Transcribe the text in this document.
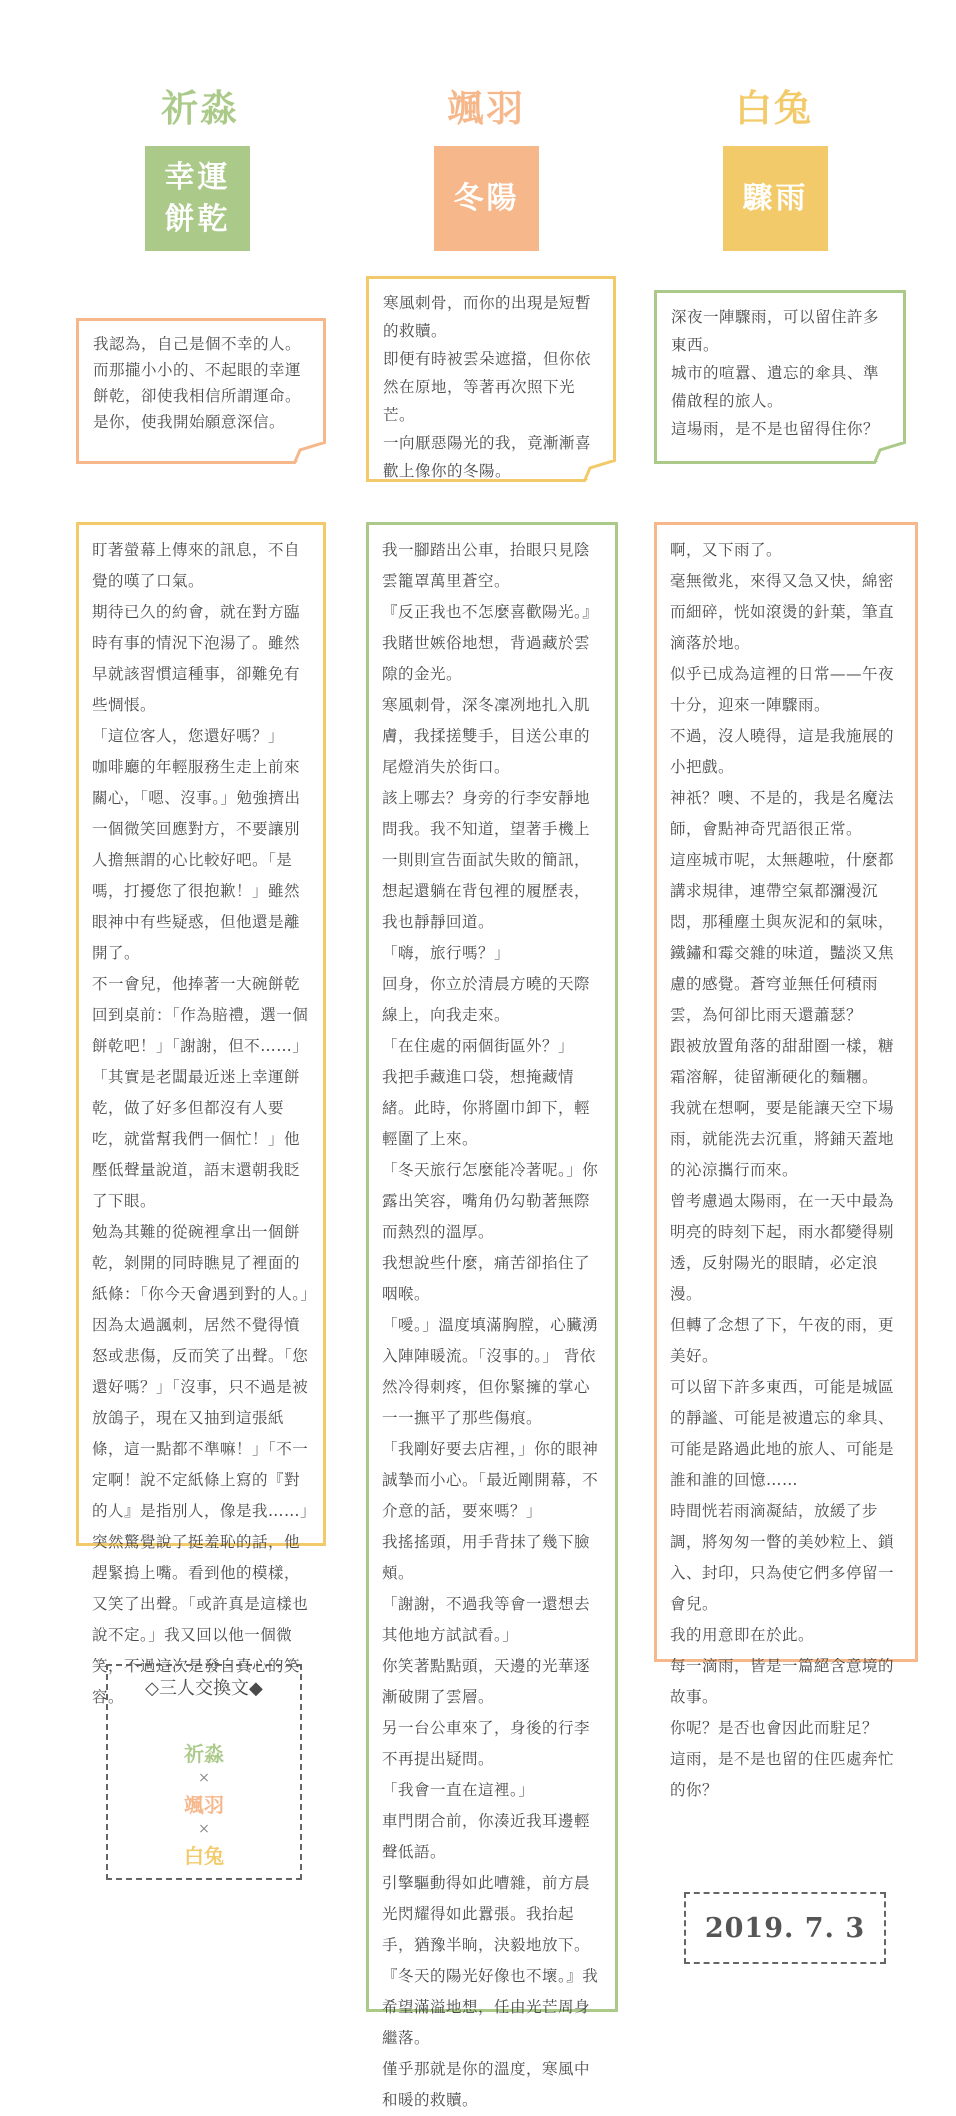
祈淼
幸運餅乾

我認為，自己是個不幸的人。

而那攏小小的、不起眼的幸運餅乾，卻使我相信所謂運命。

是你，使我開始願意深信。

盯著螢幕上傳來的訊息，不自覺的嘆了口氣。

期待已久的約會，就在對方臨時有事的情況下泡湯了。雖然早就該習慣這種事，卻難免有些惆悵。

「這位客人，您還好嗎？」

咖啡廳的年輕服務生走上前來關心，「嗯、沒事。」勉強擠出一個微笑回應對方，不要讓別人擔無謂的心比較好吧。「是嗎，打擾您了很抱歉！」雖然眼神中有些疑惑，但他還是離開了。

不一會兒，他捧著一大碗餅乾回到桌前：「作為賠禮，選一個餅乾吧！」「謝謝，但不……」「其實是老闆最近迷上幸運餅乾，做了好多但都沒有人要吃，就當幫我們一個忙！」他壓低聲量說道，語末還朝我眨了下眼。

勉為其難的從碗裡拿出一個餅乾，剝開的同時瞧見了裡面的紙條：「你今天會遇到對的人。」因為太過諷刺，居然不覺得憤怒或悲傷，反而笑了出聲。「您還好嗎？」「沒事，只不過是被放鴿子，現在又抽到這張紙條，這一點都不準嘛！」「不一定啊！說不定紙條上寫的『對的人』是指別人，像是我……」突然驚覺說了挺羞恥的話，他趕緊摀上嘴。看到他的模樣，又笑了出聲。「或許真是這樣也說不定。」我又回以他一個微笑，不過這次是發自真心的笑容。

颯羽
冬陽

寒風刺骨，而你的出現是短暫的救贖。

即便有時被雲朵遮擋，但你依然在原地，等著再次照下光芒。

一向厭惡陽光的我，竟漸漸喜歡上像你的冬陽。

我一腳踏出公車，抬眼只見陰雲籠罩萬里蒼空。

『反正我也不怎麼喜歡陽光。』我賭世嫉俗地想，背過藏於雲隙的金光。

寒風刺骨，深冬凜冽地扎入肌膚，我揉搓雙手，目送公車的尾燈消失於街口。

該上哪去？身旁的行李安靜地問我。我不知道，望著手機上一則則宣告面試失敗的簡訊，想起還躺在背包裡的履歷表，我也靜靜回道。

「嗨，旅行嗎？」

回身，你立於清晨方曉的天際線上，向我走來。

「在住處的兩個街區外？」

我把手藏進口袋，想掩藏情緒。此時，你將圍巾卸下，輕輕圍了上來。

「冬天旅行怎麼能冷著呢。」你露出笑容，嘴角仍勾勒著無際而熱烈的溫厚。

我想說些什麼，痛苦卻掐住了咽喉。

「噯。」溫度填滿胸膛，心臟湧入陣陣暖流。「沒事的。」 背依然冷得刺疼，但你緊擁的掌心一一撫平了那些傷痕。

「我剛好要去店裡，」你的眼神誠摯而小心。「最近剛開幕，不介意的話，要來嗎？」

我搖搖頭，用手背抹了幾下臉頰。

「謝謝，不過我等會一還想去其他地方試試看。」

你笑著點點頭，天邊的光華逐漸破開了雲層。

另一台公車來了，身後的行李不再提出疑問。

「我會一直在這裡。」

車門閉合前，你湊近我耳邊輕聲低語。

引擎驅動得如此嘈雜，前方晨光閃耀得如此囂張。我抬起手，猶豫半晌，決毅地放下。

『冬天的陽光好像也不壞。』我希望滿溢地想，任由光芒周身繼落。

僅乎那就是你的溫度，寒風中和暖的救贖。

白兔
驟雨

深夜一陣驟雨，可以留住許多東西。

城市的喧囂、遺忘的傘具、準備啟程的旅人。

這場雨，是不是也留得住你？

啊，又下雨了。

毫無徵兆，來得又急又快，綿密而細碎，恍如滾燙的針葉，筆直滴落於地。

似乎已成為這裡的日常——午夜十分，迎來一陣驟雨。

不過，沒人曉得，這是我施展的小把戲。

神祇？噢、不是的，我是名魔法師，會點神奇咒語很正常。

這座城市呢，太無趣啦，什麼都講求規律，連帶空氣都瀰漫沉悶，那種塵土與灰泥和的氣味，鐵鏽和霉交雜的味道，豔淡又焦慮的感覺。蒼穹並無任何積雨雲，為何卻比雨天還蕭瑟？

跟被放置角落的甜甜圈一樣，糖霜溶解，徒留漸硬化的麵糰。

我就在想啊，要是能讓天空下場雨，就能洗去沉重，將鋪天蓋地的沁涼攜行而來。

曾考慮過太陽雨，在一天中最為明亮的時刻下起，雨水都變得剔透，反射陽光的眼睛，必定浪漫。

但轉了念想了下，午夜的雨，更美好。

可以留下許多東西，可能是城區的靜謐、可能是被遺忘的傘具、可能是路過此地的旅人、可能是誰和誰的回憶……

時間恍若雨滴凝結，放緩了步調，將匆匆一瞥的美妙粒上、鎖入、封印，只為使它們多停留一會兒。

我的用意即在於此。

每一滴雨，皆是一篇絕含意境的故事。

你呢？是否也會因此而駐足？

這雨，是不是也留的住匹處奔忙的你？

◇三人交換文◆
祈淼
×
颯羽
×
白兔
2019. 7. 3
